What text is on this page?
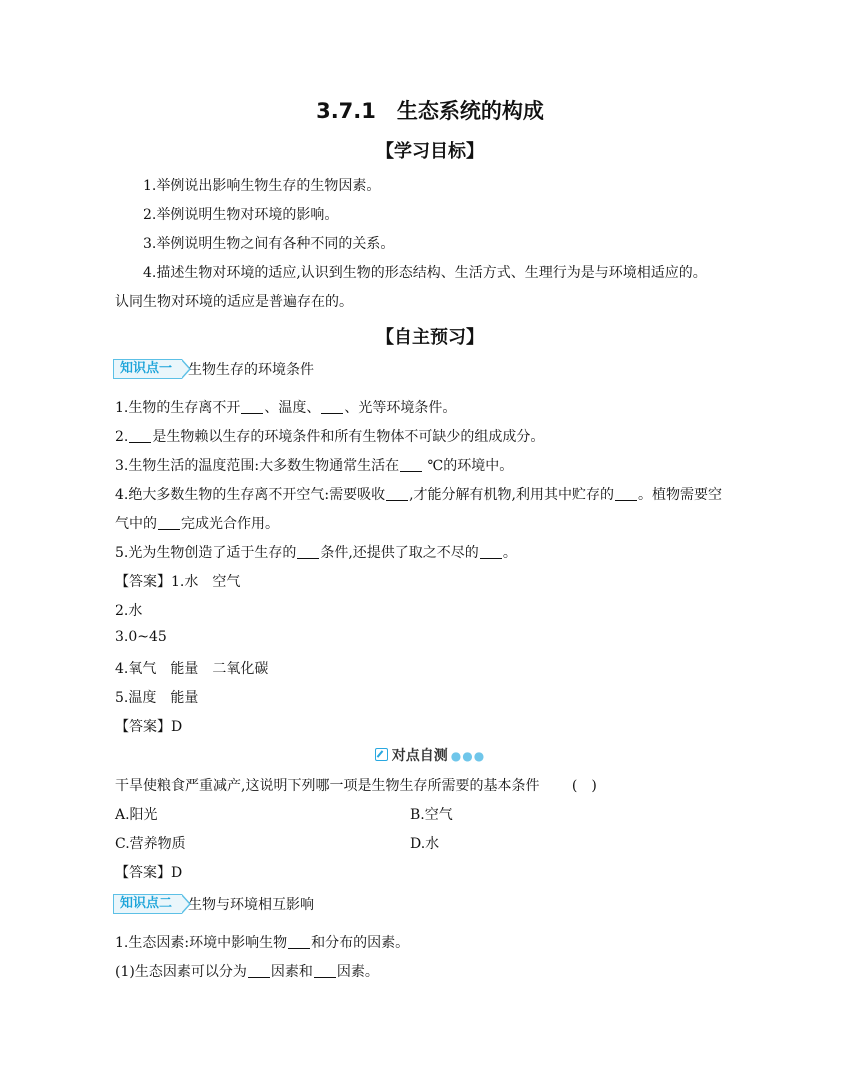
3.7.1　生态系统的构成
【学习目标】
1.举例说出影响生物生存的生物因素。
2.举例说明生物对环境的影响。
3.举例说明生物之间有各种不同的关系。
4.描述生物对环境的适应,认识到生物的形态结构、生活方式、生理行为是与环境相适应的。
认同生物对环境的适应是普遍存在的。
【自主预习】
知识点一	生物生存的环境条件
1.生物的生存离不开 、温度、 、光等环境条件。
2. 是生物赖以生存的环境条件和所有生物体不可缺少的组成成分。
3.生物生活的温度范围:大多数生物通常生活在 ℃的环境中。
4.绝大多数生物的生存离不开空气:需要吸收 ,才能分解有机物,利用其中贮存的 。植物需要空
气中的 完成光合作用。
5.光为生物创造了适于生存的 条件,还提供了取之不尽的 。
【答案】1.水　空气
2.水
3.0~45
4.氧气　能量　二氧化碳
5.温度　能量
【答案】D
对点自测 ●●●
干旱使粮食严重减产,这说明下列哪一项是生物生存所需要的基本条件　　 (　)
A.阳光	B.空气
C.营养物质	D.水
【答案】D
知识点二	生物与环境相互影响
1.生态因素:环境中影响生物 和分布的因素。
(1)生态因素可以分为 因素和 因素。
